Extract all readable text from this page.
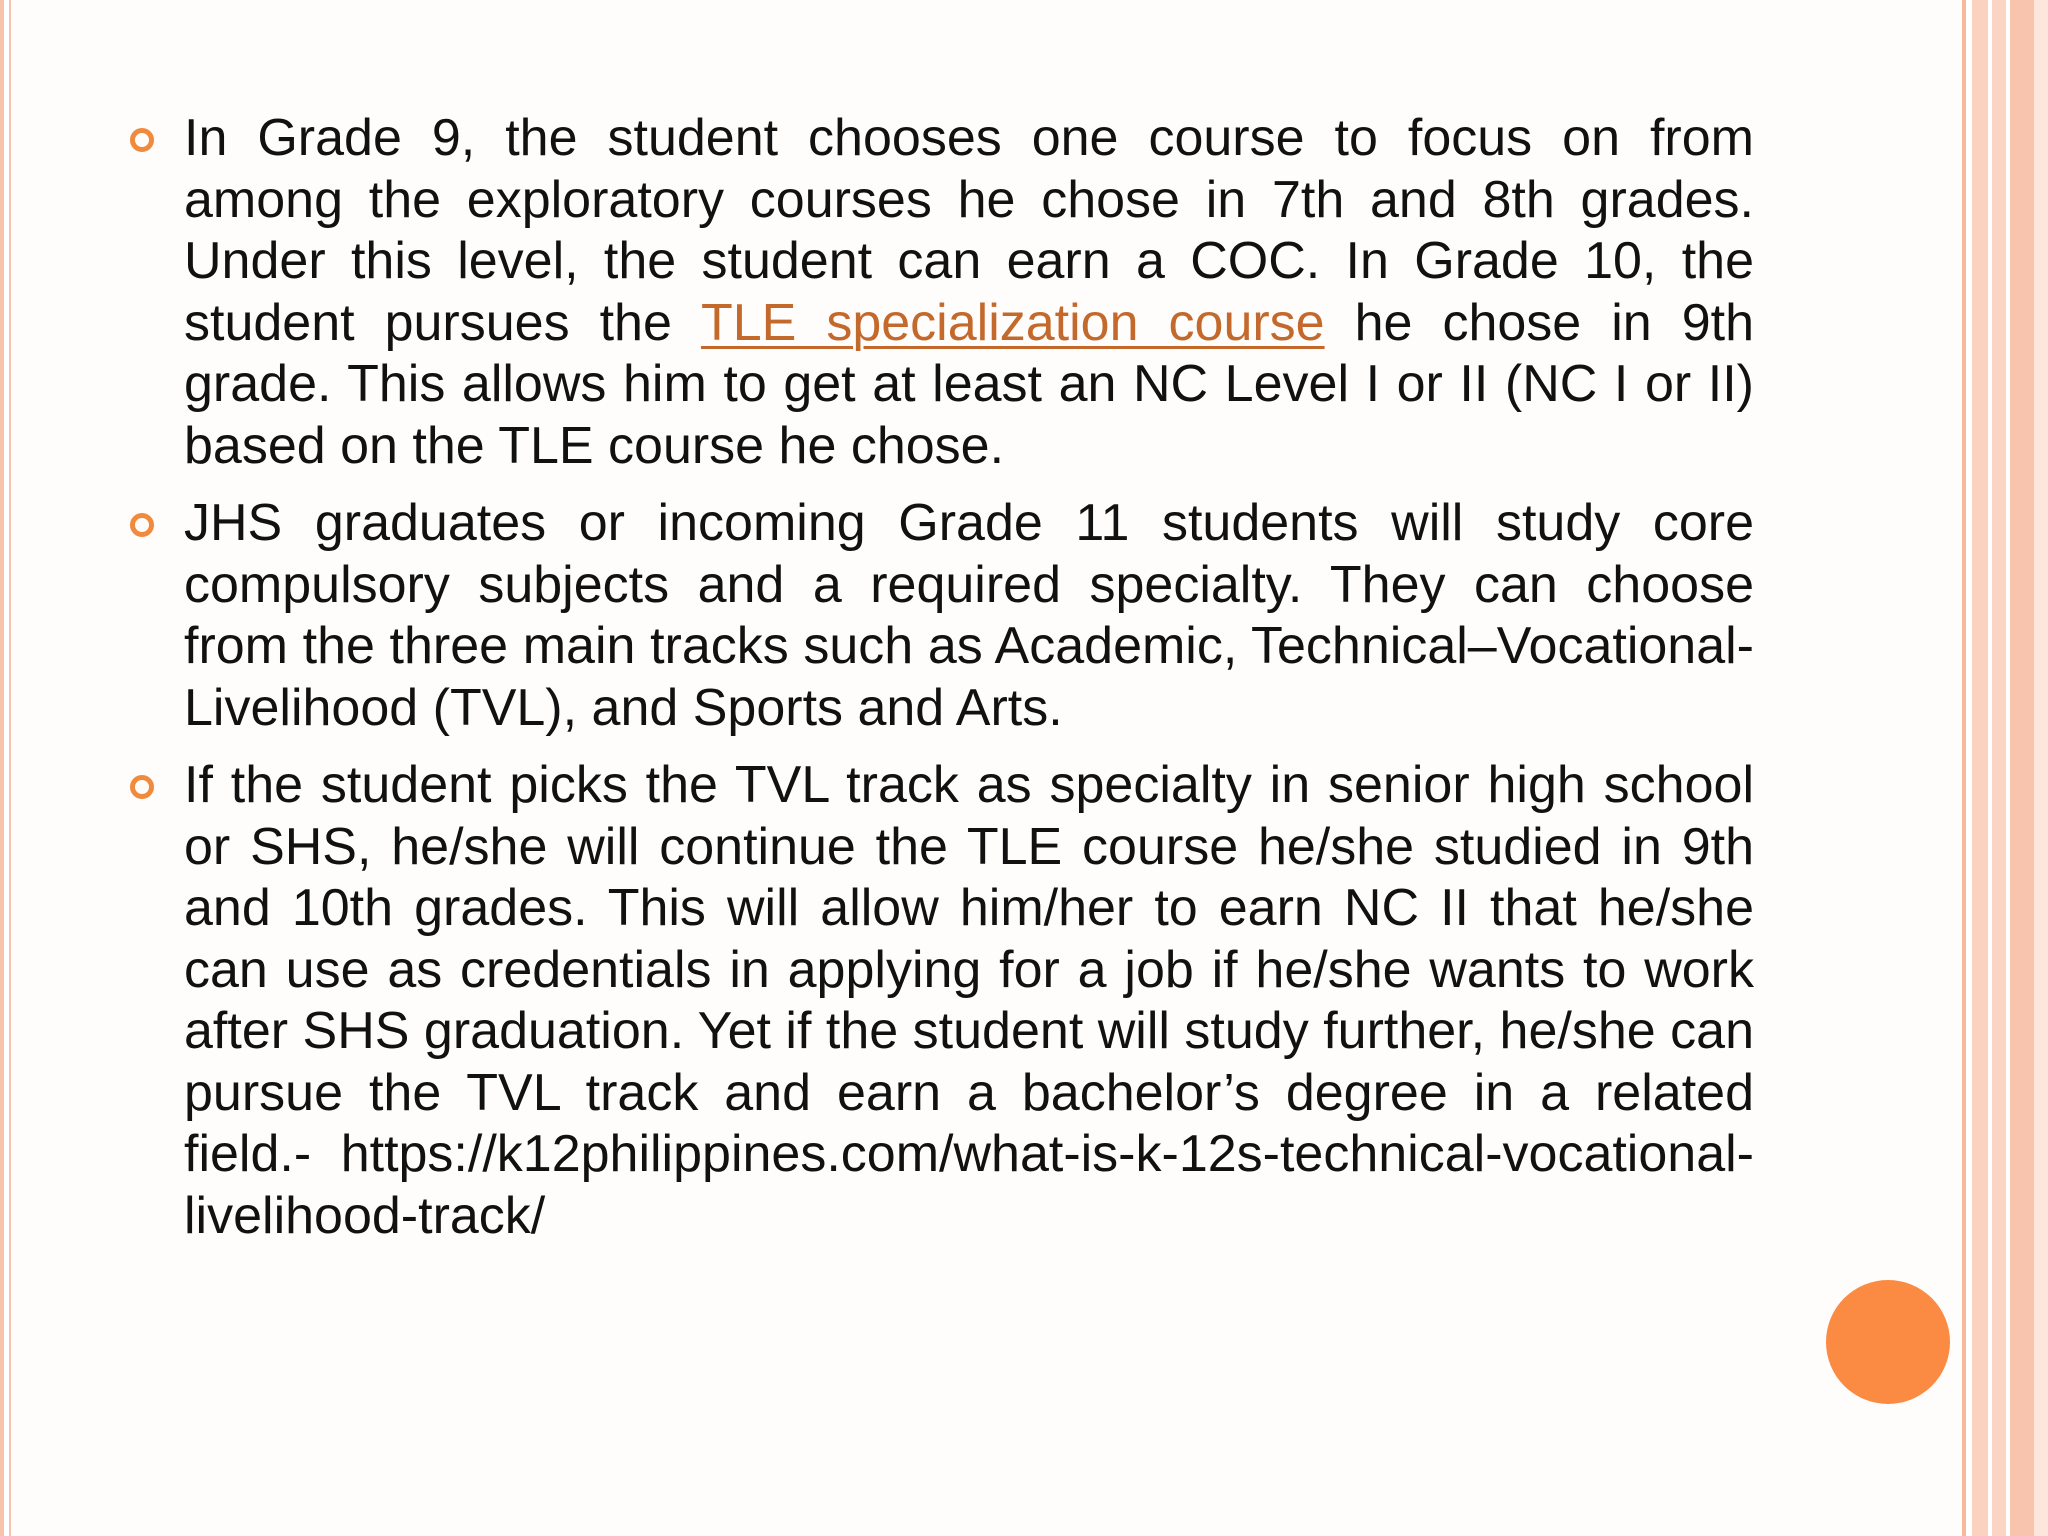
In Grade 9, the student chooses one course to focus on from among the exploratory courses he chose in 7th and 8th grades. Under this level, the student can earn a COC. In Grade 10, the student pursues the TLE specialization course he chose in 9th grade. This allows him to get at least an NC Level I or II (NC I or II) based on the TLE course he chose.
JHS graduates or incoming Grade 11 students will study core compulsory subjects and a required specialty. They can choose from the three main tracks such as Academic, Technical–Vocational-Livelihood (TVL), and Sports and Arts.
If the student picks the TVL track as specialty in senior high school or SHS, he/she will continue the TLE course he/she studied in 9th and 10th grades. This will allow him/her to earn NC II that he/she can use as credentials in applying for a job if he/she wants to work after SHS graduation. Yet if the student will study further, he/she can pursue the TVL track and earn a bachelor’s degree in a related field.- https://k12philippines.com/what-is-k-12s-technical-vocational-livelihood-track/
